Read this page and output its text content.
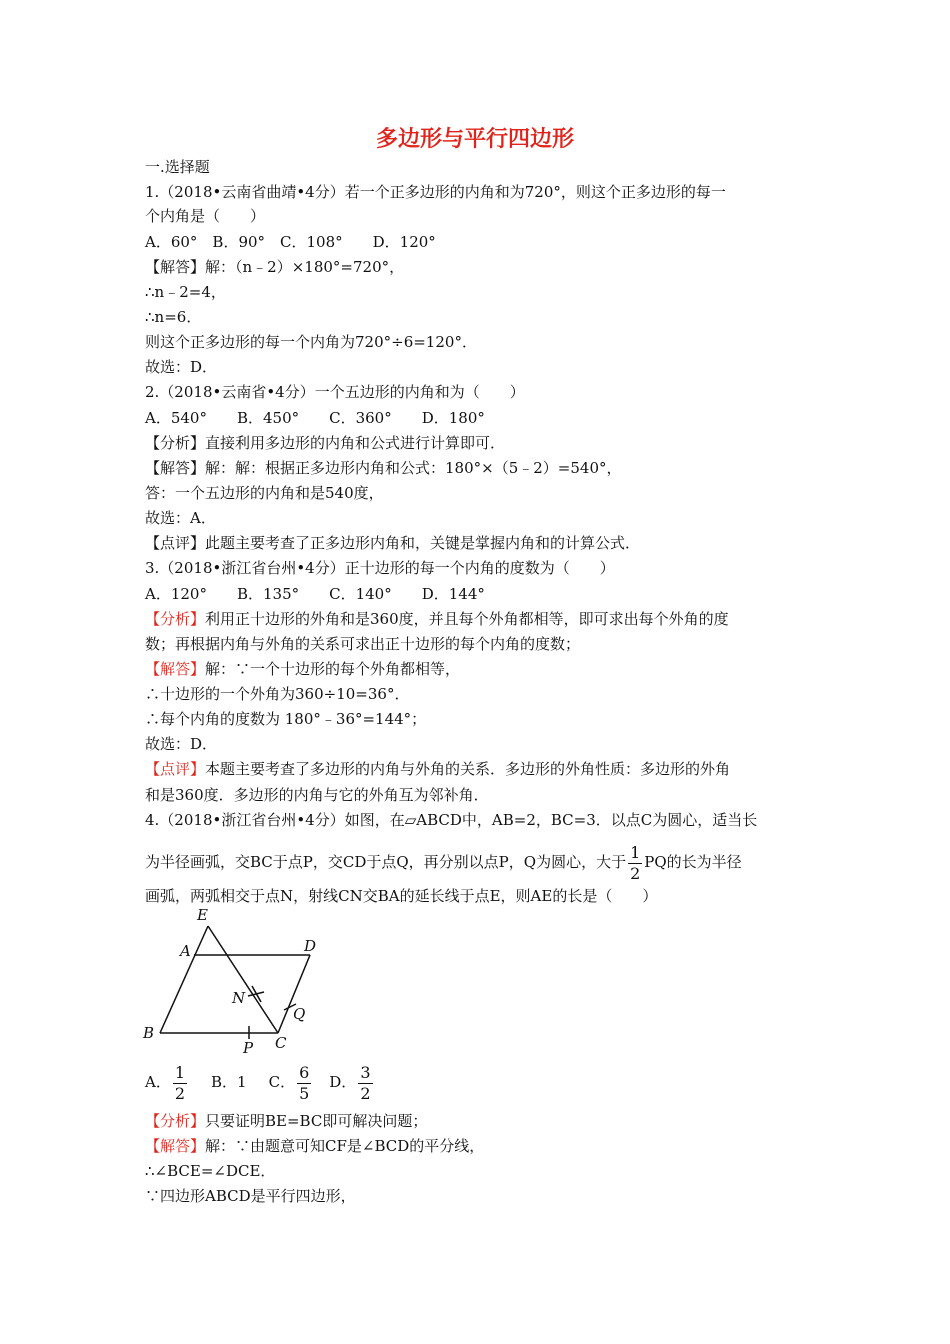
多边形与平行四边形
一.选择题
1.（2018•云南省曲靖•4分）若一个正多边形的内角和为720°，则这个正多边形的每一
个内角是（　　）
A．60°　B．90°　C．108°　　D．120°
【解答】解：（n﹣2）×180°=720°，
∴n﹣2=4，
∴n=6．
则这个正多边形的每一个内角为720°÷6=120°．
故选：D．
2.（2018•云南省•4分）一个五边形的内角和为（　　）
A．540°　　B．450°　　C．360°　　D．180°
【分析】直接利用多边形的内角和公式进行计算即可．
【解答】解：解：根据正多边形内角和公式：180°×（5﹣2）=540°，
答：一个五边形的内角和是540度，
故选：A．
【点评】此题主要考查了正多边形内角和，关键是掌握内角和的计算公式．
3.（2018•浙江省台州•4分）正十边形的每一个内角的度数为（　　）
A．120°　　B．135°　　C．140°　　D．144°
【分析】利用正十边形的外角和是360度，并且每个外角都相等，即可求出每个外角的度
数；再根据内角与外角的关系可求出正十边形的每个内角的度数；
【解答】解：∵一个十边形的每个外角都相等，
∴十边形的一个外角为360÷10=36°．
∴每个内角的度数为 180°﹣36°=144°；
故选：D．
【点评】本题主要考查了多边形的内角与外角的关系．多边形的外角性质：多边形的外角
和是360度．多边形的内角与它的外角互为邻补角．
4.（2018•浙江省台州•4分）如图，在▱ABCD中，AB=2，BC=3．以点C为圆心，适当长
为半径画弧，交BC于点P，交CD于点Q，再分别以点P，Q为圆心，大于 $\frac{1}{2}$ PQ的长为半径
画弧，两弧相交于点N，射线CN交BA的延长线于点E，则AE的长是（　　）
E
A	D
N
Q
B
P C
A． $\frac{1}{2}$ B．1 C． $\frac{6}{5}$ D． $\frac{3}{2}$
【分析】只要证明BE=BC即可解决问题；
【解答】解：∵由题意可知CF是∠BCD的平分线，
∴∠BCE=∠DCE．
∵四边形ABCD是平行四边形，
